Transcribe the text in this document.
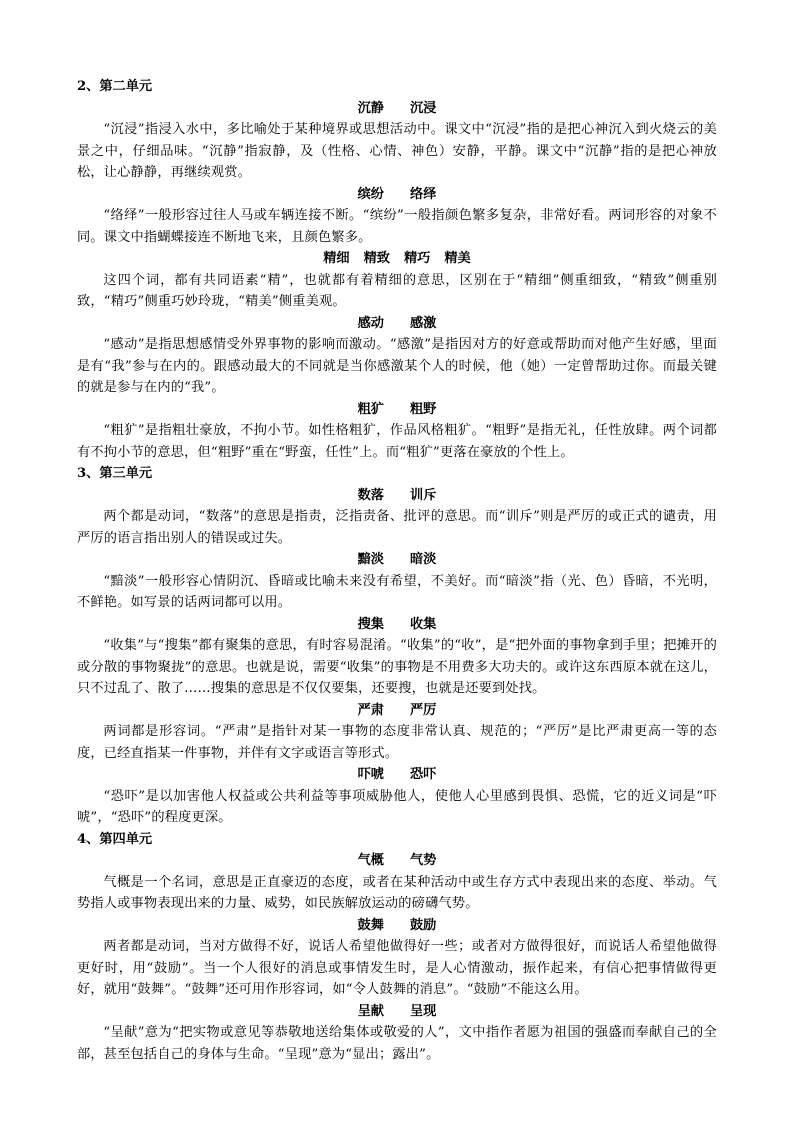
2、第二单元

沉静 沉浸

“沉浸”指浸入水中，多比喻处于某种境界或思想活动中。课文中“沉浸”指的是把心神沉入到火烧云的美景之中，仔细品味。“沉静”指寂静，及（性格、心情、神色）安静，平静。课文中“沉静”指的是把心神放松，让心静静，再继续观赏。

缤纷 络绎

“络绎”一般形容过往人马或车辆连接不断。“缤纷”一般指颜色繁多复杂，非常好看。两词形容的对象不同。课文中指蝴蝶接连不断地飞来，且颜色繁多。

精细 精致 精巧 精美

这四个词，都有共同语素“精”，也就都有着精细的意思，区别在于“精细”侧重细致，“精致”侧重别致，“精巧”侧重巧妙玲珑，“精美”侧重美观。

感动 感激

“感动”是指思想感情受外界事物的影响而激动。“感激”是指因对方的好意或帮助而对他产生好感，里面是有“我”参与在内的。跟感动最大的不同就是当你感激某个人的时候，他（她）一定曾帮助过你。而最关键的就是参与在内的“我”。

粗犷 粗野

“粗犷”是指粗壮豪放，不拘小节。如性格粗犷，作品风格粗犷。“粗野”是指无礼，任性放肆。两个词都有不拘小节的意思，但“粗野”重在“野蛮，任性”上。而“粗犷”更落在豪放的个性上。

3、第三单元

数落 训斥

两个都是动词，“数落”的意思是指责，泛指责备、批评的意思。而“训斥”则是严厉的或正式的谴责，用严厉的语言指出别人的错误或过失。

黯淡 暗淡

“黯淡”一般形容心情阴沉、昏暗或比喻未来没有希望，不美好。而“暗淡”指（光、色）昏暗，不光明，不鲜艳。如写景的话两词都可以用。

搜集 收集

“收集”与“搜集”都有聚集的意思，有时容易混淆。“收集”的“收”，是“把外面的事物拿到手里；把摊开的或分散的事物聚拢”的意思。也就是说，需要“收集”的事物是不用费多大功夫的。或许这东西原本就在这儿，只不过乱了、散了……搜集的意思是不仅仅要集，还要搜，也就是还要到处找。

严肃 严厉

两词都是形容词。“严肃”是指针对某一事物的态度非常认真、规范的；“严厉”是比严肃更高一等的态度，已经直指某一件事物，并伴有文字或语言等形式。

吓唬 恐吓

“恐吓”是以加害他人权益或公共利益等事项威胁他人，使他人心里感到畏惧、恐慌，它的近义词是“吓唬”，“恐吓”的程度更深。

4、第四单元

气概 气势

气概是一个名词，意思是正直豪迈的态度，或者在某种活动中或生存方式中表现出来的态度、举动。气势指人或事物表现出来的力量、威势，如民族解放运动的磅礴气势。

鼓舞 鼓励

两者都是动词，当对方做得不好，说话人希望他做得好一些；或者对方做得很好，而说话人希望他做得更好时，用“鼓励”。当一个人很好的消息或事情发生时，是人心情激动，振作起来，有信心把事情做得更好，就用“鼓舞”。“鼓舞”还可用作形容词，如“令人鼓舞的消息”。“鼓励”不能这么用。

呈献 呈现

“呈献”意为“把实物或意见等恭敬地送给集体或敬爱的人”，文中指作者愿为祖国的强盛而奉献自己的全部，甚至包括自己的身体与生命。“呈现”意为“显出；露出”。
